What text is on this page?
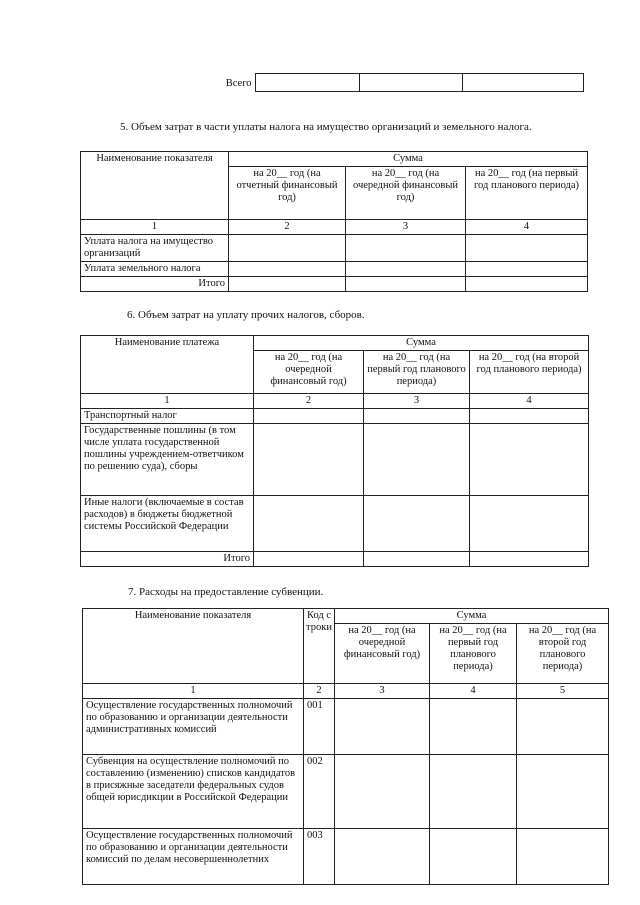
Всего			
5. Объем затрат в части уплаты налога на имущество организаций и земельного налога.
Наименование показателя	Сумма		
	на 20__ год (на отчетный финансовый год)	на 20__ год (на очередной финансовый год)	на 20__ год (на первый год планового периода)
1	2	3	4
Уплата налога на имущество организаций			
Уплата земельного налога			
Итого			
6. Объем затрат на уплату прочих налогов, сборов.
Наименование платежа	Сумма		
	на 20__ год (на очередной финансовый год)	на 20__ год (на первый год планового периода)	на 20__ год (на второй год планового периода)
1	2	3	4
Транспортный налог			
Государственные пошлины (в том числе уплата государственной пошлины учреждением-ответчиком по решению суда), сборы			
Иные налоги (включаемые в состав расходов) в бюджеты бюджетной системы Российской Федерации			
Итого			
7. Расходы на предоставление субвенции.
Наименование показателя	Код строки	Сумма		
		на 20__ год (на очередной финансовый год)	на 20__ год (на первый год планового периода)	на 20__ год (на второй год планового периода)
1	2	3	4	5
Осуществление государственных полномочий по образованию и организации деятельности административных комиссий	001			
Субвенция на осуществление полномочий по составлению (изменению) списков кандидатов в присяжные заседатели федеральных судов общей юрисдикции в Российской Федерации	002			
Осуществление государственных полномочий по образованию и организации деятельности комиссий по делам несовершеннолетних	003			
